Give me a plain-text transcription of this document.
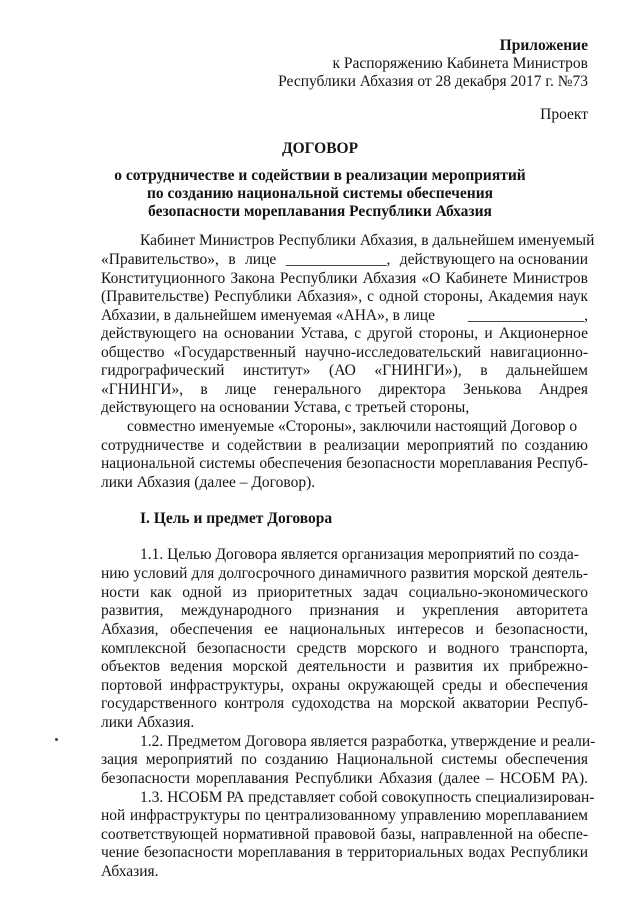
Приложение
к Распоряжению Кабинета Министров
Республики Абхазия от 28 декабря 2017 г. №73
Проект
ДОГОВОР
о сотрудничестве и содействии в реализации мероприятий
по созданию национальной системы обеспечения
безопасности мореплавания Республики Абхазия
Кабинет Министров Республики Абхазия, в дальнейшем именуемый
«Правительство», в лице _____________, действующего на основании
Конституционного Закона Республики Абхазия «О Кабинете Министров
(Правительстве) Республики Абхазия», с одной стороны, Академия наук
Абхазии, в дальнейшем именуемая «АНА», в лице _______________,
действующего на основании Устава, с другой стороны, и Акционерное
общество «Государственный научно-исследовательский навигационно-
гидрографический институт» (АО «ГНИНГИ»), в дальнейшем
«ГНИНГИ», в лице генерального директора Зенькова Андрея
действующего на основании Устава, с третьей стороны,
совместно именуемые «Стороны», заключили настоящий Договор о
сотрудничестве и содействии в реализации мероприятий по созданию
национальной системы обеспечения безопасности мореплавания Респуб-
лики Абхазия (далее – Договор).
I. Цель и предмет Договора
1.1. Целью Договора является организация мероприятий по созда-
нию условий для долгосрочного динамичного развития морской деятель-
ности как одной из приоритетных задач социально-экономического
развития, международного признания и укрепления авторитета
Абхазия, обеспечения ее национальных интересов и безопасности,
комплексной безопасности средств морского и водного транспорта,
объектов ведения морской деятельности и развития их прибрежно-
портовой инфраструктуры, охраны окружающей среды и обеспечения
государственного контроля судоходства на морской акватории Респуб-
лики Абхазия.
1.2. Предметом Договора является разработка, утверждение и реали-
зация мероприятий по созданию Национальной системы обеспечения
безопасности мореплавания Республики Абхазия (далее – НСОБМ РА).
1.3. НСОБМ РА представляет собой совокупность специализирован-
ной инфраструктуры по централизованному управлению мореплаванием
соответствующей нормативной правовой базы, направленной на обеспе-
чение безопасности мореплавания в территориальных водах Республики
Абхазия.
